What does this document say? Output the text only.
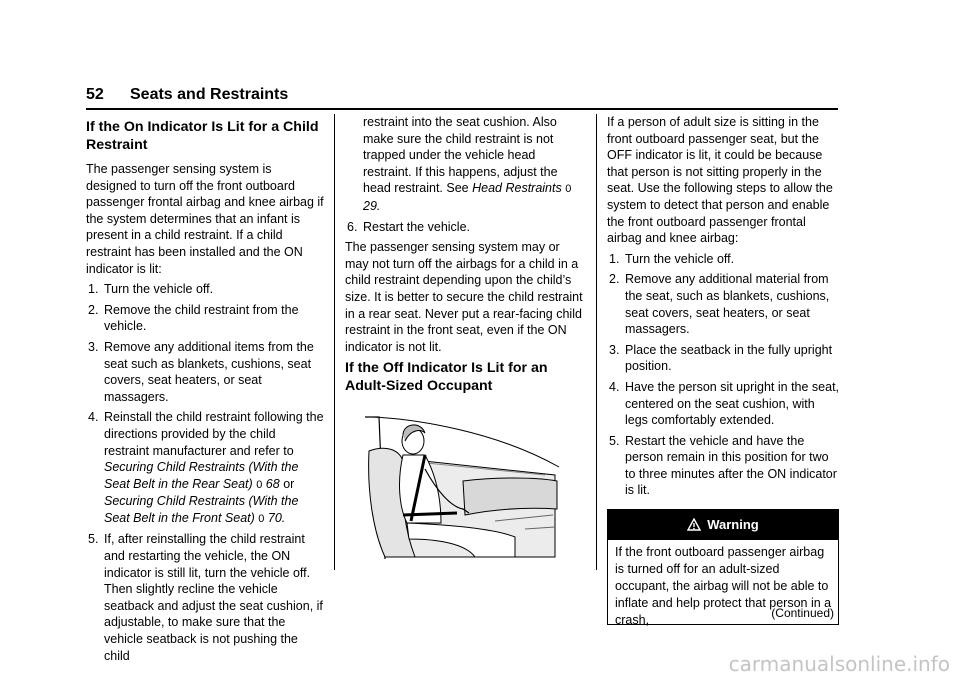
52 Seats and Restraints
If the On Indicator Is Lit for a Child Restraint

The passenger sensing system is designed to turn off the front outboard passenger frontal airbag and knee airbag if the system determines that an infant is present in a child restraint. If a child restraint has been installed and the ON indicator is lit:

1. Turn the vehicle off.
2. Remove the child restraint from the vehicle.
3. Remove any additional items from the seat such as blankets, cushions, seat covers, seat heaters, or seat massagers.
4. Reinstall the child restraint following the directions provided by the child restraint manufacturer and refer to Securing Child Restraints (With the Seat Belt in the Rear Seat) 0 68 or Securing Child Restraints (With the Seat Belt in the Front Seat) 0 70.
5. If, after reinstalling the child restraint and restarting the vehicle, the ON indicator is still lit, turn the vehicle off. Then slightly recline the vehicle seatback and adjust the seat cushion, if adjustable, to make sure that the vehicle seatback is not pushing the child

restraint into the seat cushion. Also make sure the child restraint is not trapped under the vehicle head restraint. If this happens, adjust the head restraint. See Head Restraints 0 29.

6. Restart the vehicle.

The passenger sensing system may or may not turn off the airbags for a child in a child restraint depending upon the child’s size. It is better to secure the child restraint in a rear seat. Never put a rear-facing child restraint in the front seat, even if the ON indicator is not lit.

If the Off Indicator Is Lit for an Adult-Sized Occupant

If a person of adult size is sitting in the front outboard passenger seat, but the OFF indicator is lit, it could be because that person is not sitting properly in the seat. Use the following steps to allow the system to detect that person and enable the front outboard passenger frontal airbag and knee airbag:

1. Turn the vehicle off.
2. Remove any additional material from the seat, such as blankets, cushions, seat covers, seat heaters, or seat massagers.
3. Place the seatback in the fully upright position.
4. Have the person sit upright in the seat, centered on the seat cushion, with legs comfortably extended.
5. Restart the vehicle and have the person remain in this position for two to three minutes after the ON indicator is lit.
Warning
If the front outboard passenger airbag is turned off for an adult-sized occupant, the airbag will not be able to inflate and help protect that person in a crash,	(Continued)
carmanualsonline.info
